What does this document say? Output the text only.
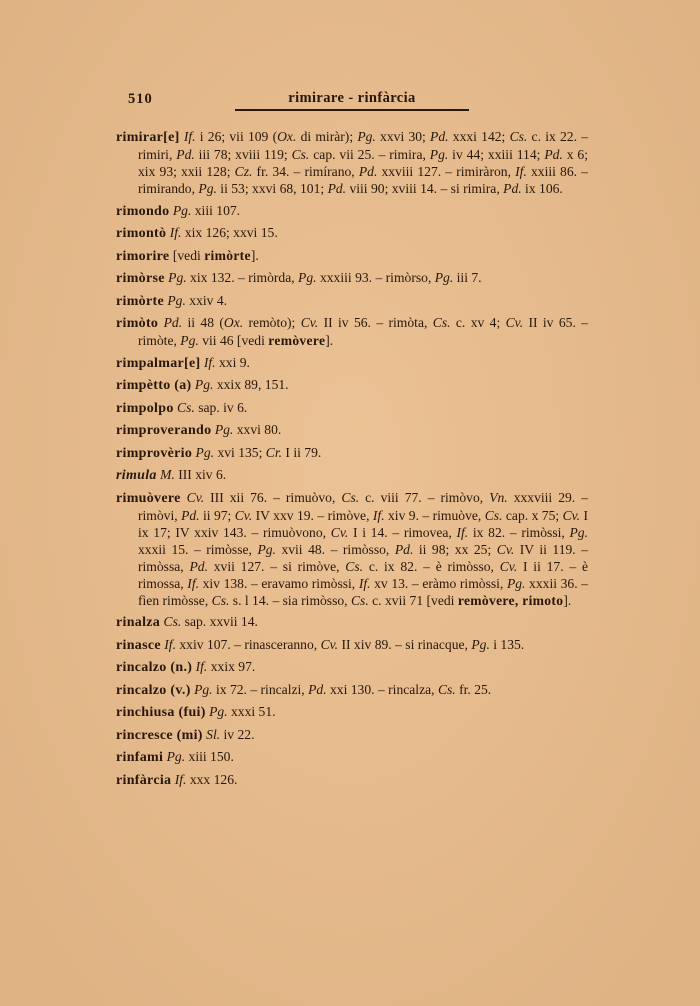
510	rimirare - rinfàrcia

rimirar[e] If. i 26; vii 109 (Ox. di miràr); Pg. xxvi 30; Pd. xxxi 142; Cs. c. ix 22. – rimiri, Pd. iii 78; xviii 119; Cs. cap. vii 25. – rimira, Pg. iv 44; xxiii 114; Pd. x 6; xix 93; xxii 128; Cz. fr. 34. – rimírano, Pd. xxviii 127. – rimiràron, If. xxiii 86. – rimirando, Pg. ii 53; xxvi 68, 101; Pd. viii 90; xviii 14. – si rimira, Pd. ix 106.

rimondo Pg. xiii 107.

rimontò If. xix 126; xxvi 15.

rimorire [vedi rimòrte].

rimòrse Pg. xix 132. – rimòrda, Pg. xxxiii 93. – rimòrso, Pg. iii 7.

rimòrte Pg. xxiv 4.

rimòto Pd. ii 48 (Ox. remòto); Cv. II iv 56. – rimòta, Cs. c. xv 4; Cv. II iv 65. – rimòte, Pg. vii 46 [vedi remòvere].

rimpalmar[e] If. xxi 9.

rimpètto (a) Pg. xxix 89, 151.

rimpolpo Cs. sap. iv 6.

rimproverando Pg. xxvi 80.

rimprovèrio Pg. xvi 135; Cr. I ii 79.

rimula M. III xiv 6.

rimuòvere Cv. III xii 76. – rimuòvo, Cs. c. viii 77. – rimòvo, Vn. xxxviii 29. – rimòvi, Pd. ii 97; Cv. IV xxv 19. – rimòve, If. xiv 9. – rimuòve, Cs. cap. x 75; Cv. I ix 17; IV xxiv 143. – rimuòvono, Cv. I i 14. – rimovea, If. ix 82. – rimòssi, Pg. xxxii 15. – rimòsse, Pg. xvii 48. – rimòsso, Pd. ii 98; xx 25; Cv. IV ii 119. – rimòssa, Pd. xvii 127. – si rimòve, Cs. c. ix 82. – è rimòsso, Cv. I ii 17. – è rimossa, If. xiv 138. – eravamo rimòssi, If. xv 13. – eràmo rimòssi, Pg. xxxii 36. – fìen rimòsse, Cs. s. l 14. – sia rimòsso, Cs. c. xvii 71 [vedi remòvere, rimoto].

rinalza Cs. sap. xxvii 14.

rinasce If. xxiv 107. – rinasceranno, Cv. II xiv 89. – si rinacque, Pg. i 135.

rincalzo (n.) If. xxix 97.

rincalzo (v.) Pg. ix 72. – rincalzi, Pd. xxi 130. – rincalza, Cs. fr. 25.

rinchiusa (fui) Pg. xxxi 51.

rincresce (mi) Sl. iv 22.

rinfami Pg. xiii 150.

rinfàrcia If. xxx 126.
